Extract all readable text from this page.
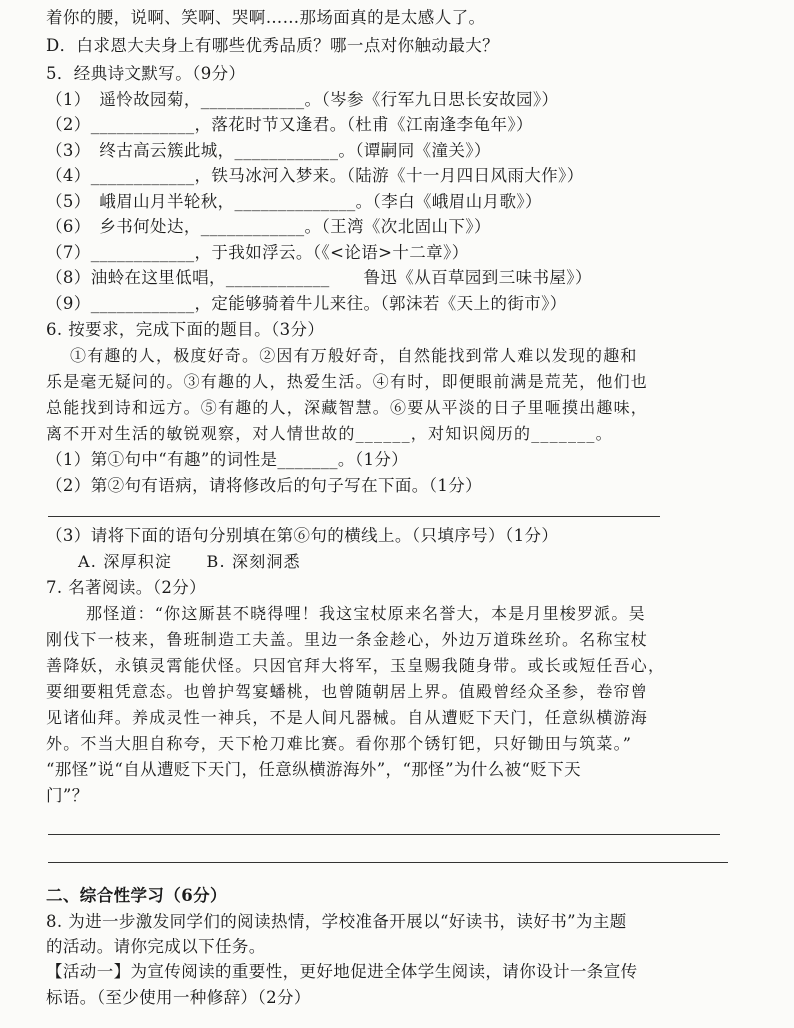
着你的腰，说啊、笑啊、哭啊……那场面真的是太感人了。
D．白求恩大夫身上有哪些优秀品质？哪一点对你触动最大？
5．经典诗文默写。（9分）
（1）　遥怜故园菊，____________。（岑参《行军九日思长安故园》）
（2）____________，落花时节又逢君。（杜甫《江南逢李龟年》）
（3）　终古高云簇此城，____________。（谭嗣同《潼关》）
（4）____________，铁马冰河入梦来。（陆游《十一月四日风雨大作》）
（5）　峨眉山月半轮秋，______________。（李白《峨眉山月歌》）
（6）　乡书何处达，____________。（王湾《次北固山下》）
（7）____________，于我如浮云。（《<论语>十二章》）
（8）油蛉在这里低唱，____________　　鲁迅《从百草园到三味书屋》）
（9）____________，定能够骑着牛儿来往。（郭沫若《天上的街市》）
6. 按要求，完成下面的题目。（3分）
①有趣的人，极度好奇。②因有万般好奇，自然能找到常人难以发现的趣和
乐是毫无疑问的。③有趣的人，热爱生活。④有时，即便眼前满是荒芜，他们也
总能找到诗和远方。⑤有趣的人，深藏智慧。⑥要从平淡的日子里咂摸出趣味，
离不开对生活的敏锐观察，对人情世故的______，对知识阅历的_______。
（1）第①句中“有趣”的词性是_______。（1分）
（2）第②句有语病，请将修改后的句子写在下面。（1分）
（3）请将下面的语句分别填在第⑥句的横线上。（只填序号）（1分）
A. 深厚积淀　　B. 深刻洞悉
7. 名著阅读。（2分）
那怪道：“你这厮甚不晓得哩！我这宝杖原来名誉大，本是月里梭罗派。吴
刚伐下一枝来，鲁班制造工夫盖。里边一条金趁心，外边万道珠丝玠。名称宝杖
善降妖，永镇灵霄能伏怪。只因官拜大将军，玉皇赐我随身带。或长或短任吾心，
要细要粗凭意态。也曾护驾宴蟠桃，也曾随朝居上界。值殿曾经众圣参，卷帘曾
见诸仙拜。养成灵性一神兵，不是人间凡器械。自从遭贬下天门，任意纵横游海
外。不当大胆自称夸，天下枪刀难比赛。看你那个锈钉钯，只好锄田与筑菜。”
“那怪”说“自从遭贬下天门，任意纵横游海外”，“那怪”为什么被“贬下天
门”？
二、综合性学习（6分）
8. 为进一步激发同学们的阅读热情，学校准备开展以“好读书，读好书”为主题
的活动。请你完成以下任务。
【活动一】为宣传阅读的重要性，更好地促进全体学生阅读，请你设计一条宣传
标语。（至少使用一种修辞）（2分）
